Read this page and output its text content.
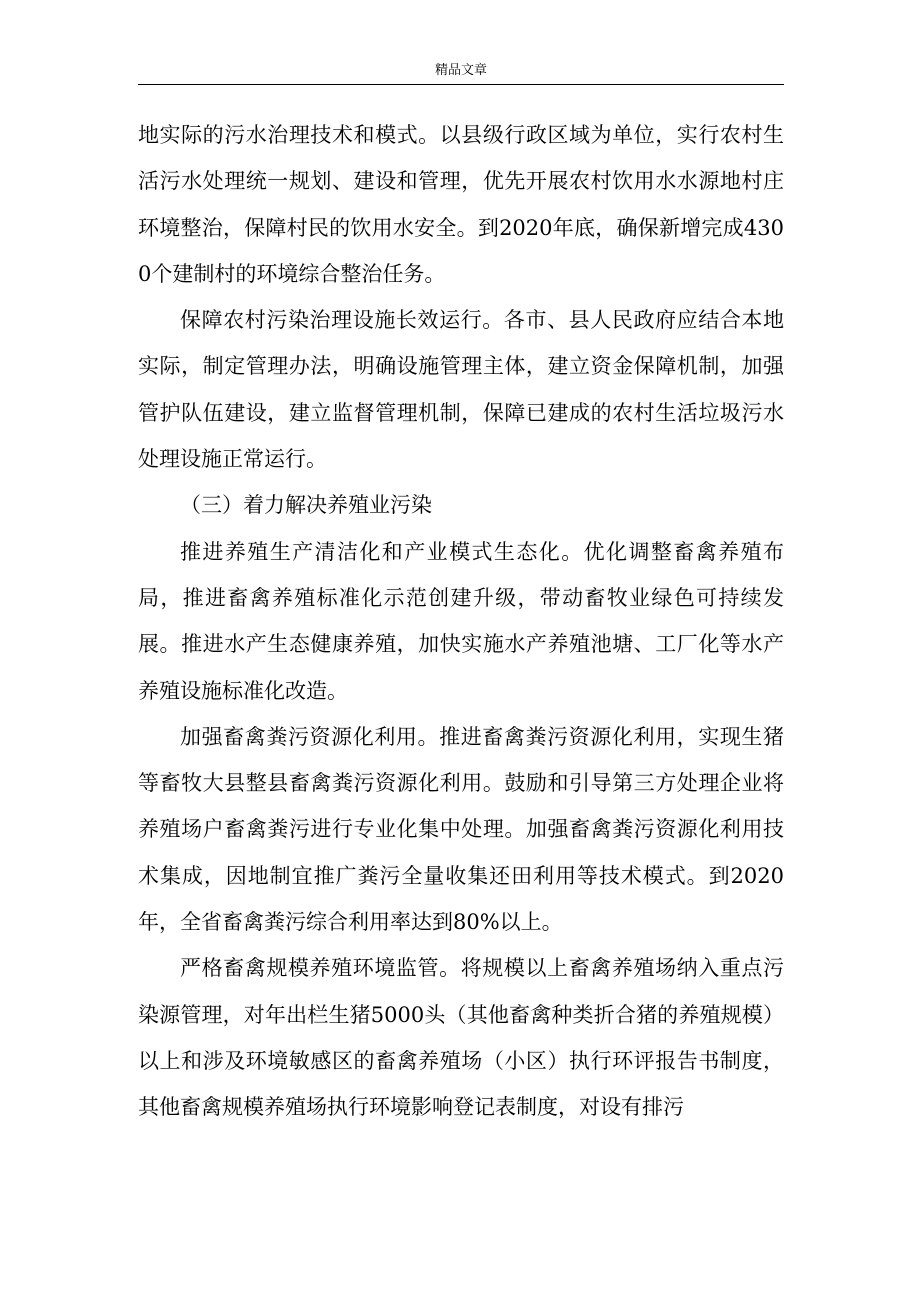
精品文章

地实际的污水治理技术和模式。以县级行政区域为单位，实行农村生活污水处理统一规划、建设和管理，优先开展农村饮用水水源地村庄环境整治，保障村民的饮用水安全。到2020年底，确保新增完成4300个建制村的环境综合整治任务。

保障农村污染治理设施长效运行。各市、县人民政府应结合本地实际，制定管理办法，明确设施管理主体，建立资金保障机制，加强管护队伍建设，建立监督管理机制，保障已建成的农村生活垃圾污水处理设施正常运行。

（三）着力解决养殖业污染

推进养殖生产清洁化和产业模式生态化。优化调整畜禽养殖布局，推进畜禽养殖标准化示范创建升级，带动畜牧业绿色可持续发展。推进水产生态健康养殖，加快实施水产养殖池塘、工厂化等水产养殖设施标准化改造。

加强畜禽粪污资源化利用。推进畜禽粪污资源化利用，实现生猪等畜牧大县整县畜禽粪污资源化利用。鼓励和引导第三方处理企业将养殖场户畜禽粪污进行专业化集中处理。加强畜禽粪污资源化利用技术集成，因地制宜推广粪污全量收集还田利用等技术模式。到2020年，全省畜禽粪污综合利用率达到80%以上。

严格畜禽规模养殖环境监管。将规模以上畜禽养殖场纳入重点污染源管理，对年出栏生猪5000头（其他畜禽种类折合猪的养殖规模）以上和涉及环境敏感区的畜禽养殖场（小区）执行环评报告书制度，其他畜禽规模养殖场执行环境影响登记表制度，对设有排污
